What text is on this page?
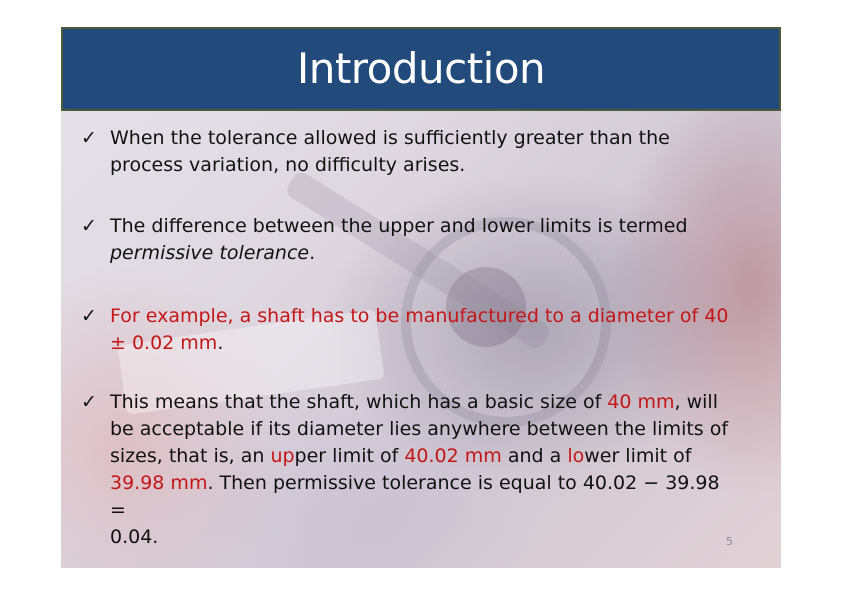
Introduction
✓ When the tolerance allowed is sufficiently greater than the
process variation, no difficulty arises.
✓ The difference between the upper and lower limits is termed
permissive tolerance.
✓ For example, a shaft has to be manufactured to a diameter of 40
± 0.02 mm.
✓ This means that the shaft, which has a basic size of 40 mm, will
be acceptable if its diameter lies anywhere between the limits of
sizes, that is, an upper limit of 40.02 mm and a lower limit of
39.98 mm. Then permissive tolerance is equal to 40.02 − 39.98 =
0.04.	5
